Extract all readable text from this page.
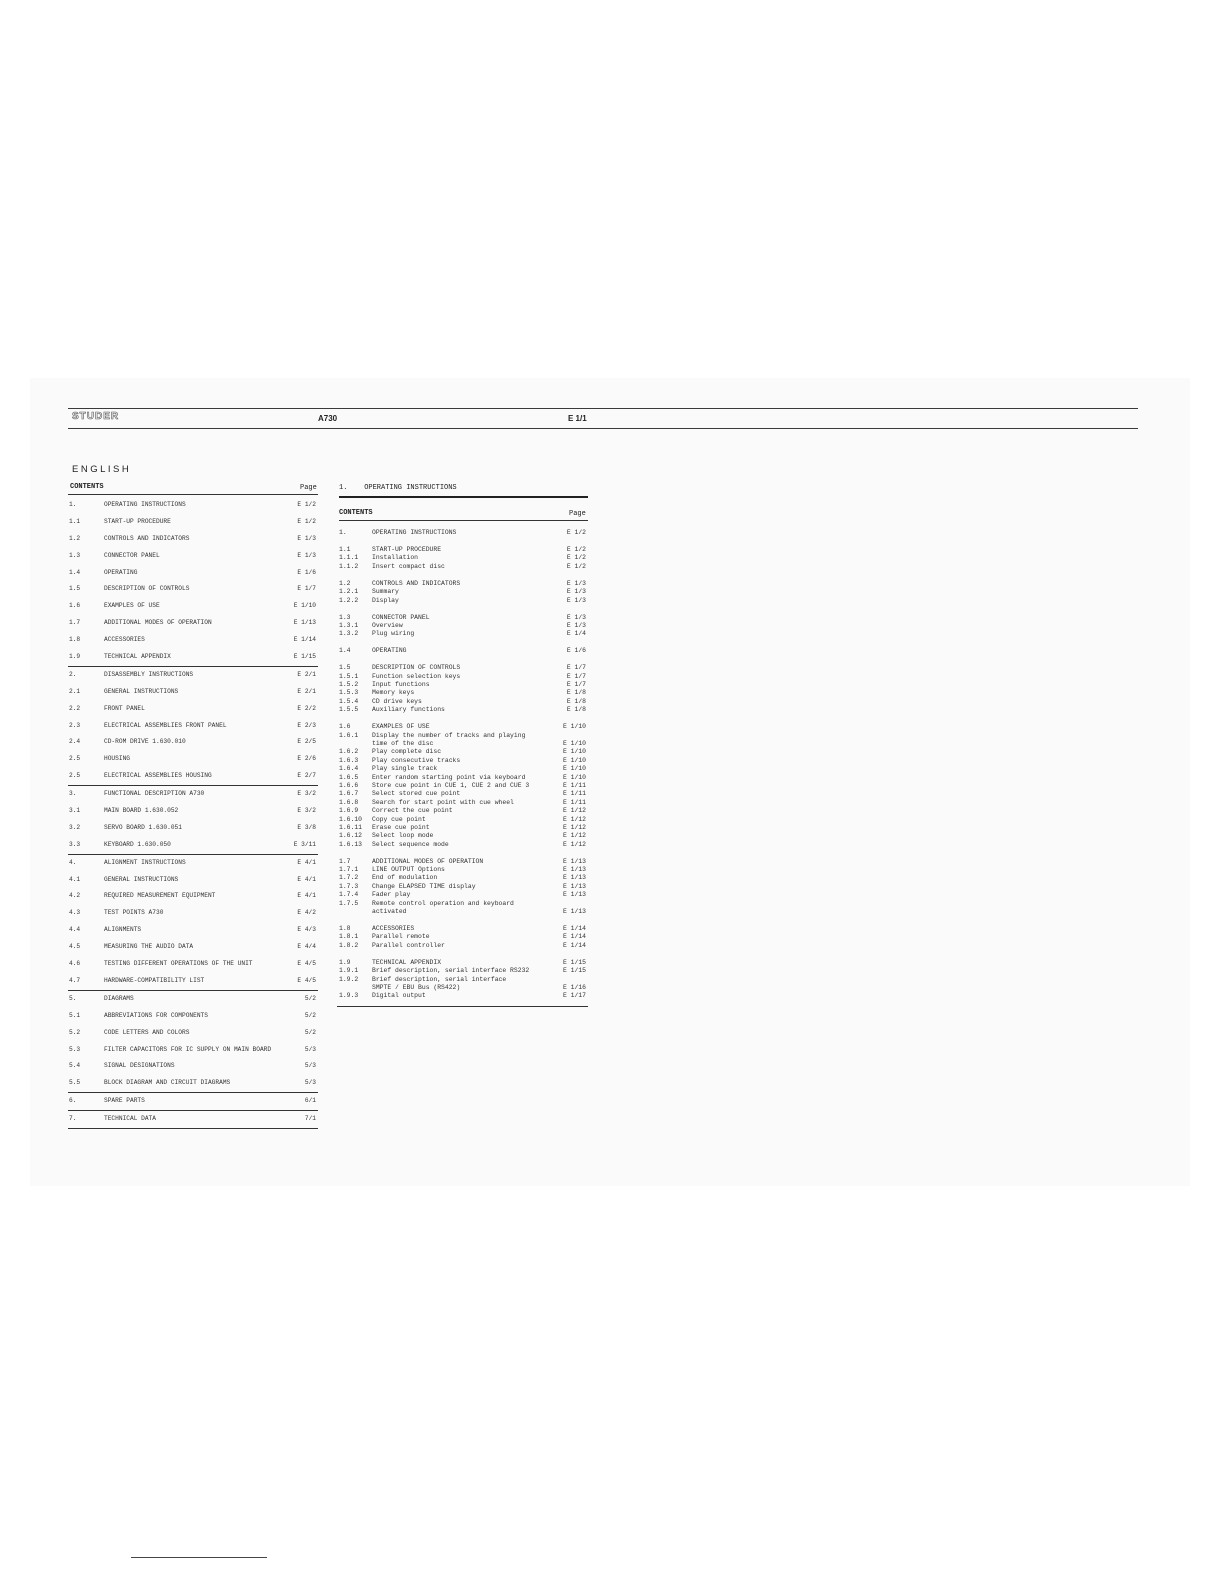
STUDER	A730	E 1/1
ENGLISH
CONTENTS	Page
1.	OPERATING INSTRUCTIONS	E 1/2
1.1	START-UP PROCEDURE	E 1/2
1.2	CONTROLS AND INDICATORS	E 1/3
1.3	CONNECTOR PANEL	E 1/3
1.4	OPERATING	E 1/6
1.5	DESCRIPTION OF CONTROLS	E 1/7
1.6	EXAMPLES OF USE	E 1/10
1.7	ADDITIONAL MODES OF OPERATION	E 1/13
1.8	ACCESSORIES	E 1/14
1.9	TECHNICAL APPENDIX	E 1/15
2.	DISASSEMBLY INSTRUCTIONS	E 2/1
2.1	GENERAL INSTRUCTIONS	E 2/1
2.2	FRONT PANEL	E 2/2
2.3	ELECTRICAL ASSEMBLIES FRONT PANEL	E 2/3
2.4	CD-ROM DRIVE 1.630.010	E 2/5
2.5	HOUSING	E 2/6
2.5	ELECTRICAL ASSEMBLIES HOUSING	E 2/7
3.	FUNCTIONAL DESCRIPTION A730	E 3/2
3.1	MAIN BOARD 1.630.052	E 3/2
3.2	SERVO BOARD 1.630.051	E 3/8
3.3	KEYBOARD 1.630.050	E 3/11
4.	ALIGNMENT INSTRUCTIONS	E 4/1
4.1	GENERAL INSTRUCTIONS	E 4/1
4.2	REQUIRED MEASUREMENT EQUIPMENT	E 4/1
4.3	TEST POINTS A730	E 4/2
4.4	ALIGNMENTS	E 4/3
4.5	MEASURING THE AUDIO DATA	E 4/4
4.6	TESTING DIFFERENT OPERATIONS OF THE UNIT	E 4/5
4.7	HARDWARE-COMPATIBILITY LIST	E 4/5
5.	DIAGRAMS	5/2
5.1	ABBREVIATIONS FOR COMPONENTS	5/2
5.2	CODE LETTERS AND COLORS	5/2
5.3	FILTER CAPACITORS FOR IC SUPPLY ON MAIN BOARD	5/3
5.4	SIGNAL DESIGNATIONS	5/3
5.5	BLOCK DIAGRAM AND CIRCUIT DIAGRAMS	5/3
6.	SPARE PARTS	6/1
7.	TECHNICAL DATA	7/1
1.    OPERATING INSTRUCTIONS
CONTENTS	Page
1.	OPERATING INSTRUCTIONS	E 1/2
1.1	START-UP PROCEDURE	E 1/2
1.1.1 Installation	E 1/2
1.1.2 Insert compact disc	E 1/2
1.2	CONTROLS AND INDICATORS	E 1/3
1.2.1 Summary	E 1/3
1.2.2 Display	E 1/3
1.3	CONNECTOR PANEL	E 1/3
1.3.1 Overview	E 1/3
1.3.2 Plug wiring	E 1/4
1.4	OPERATING	E 1/6
1.5	DESCRIPTION OF CONTROLS	E 1/7
1.5.1 Function selection keys	E 1/7
1.5.2 Input functions	E 1/7
1.5.3 Memory keys	E 1/8
1.5.4 CD drive keys	E 1/8
1.5.5 Auxiliary functions	E 1/8
1.6	EXAMPLES OF USE	E 1/10
1.6.1 Display the number of tracks and playing
time of the disc	E 1/10
1.6.2 Play complete disc	E 1/10
1.6.3 Play consecutive tracks	E 1/10
1.6.4 Play single track	E 1/10
1.6.5 Enter random starting point via keyboard	E 1/10
1.6.6 Store cue point in CUE 1, CUE 2 and CUE 3	E 1/11
1.6.7 Select stored cue point	E 1/11
1.6.8 Search for start point with cue wheel	E 1/11
1.6.9 Correct the cue point	E 1/12
1.6.10 Copy cue point	E 1/12
1.6.11 Erase cue point	E 1/12
1.6.12 Select loop mode	E 1/12
1.6.13 Select sequence mode	E 1/12
1.7	ADDITIONAL MODES OF OPERATION	E 1/13
1.7.1 LINE OUTPUT Options	E 1/13
1.7.2 End of modulation	E 1/13
1.7.3 Change ELAPSED TIME display	E 1/13
1.7.4 Fader play	E 1/13
1.7.5 Remote control operation and keyboard
activated	E 1/13
1.8	ACCESSORIES	E 1/14
1.8.1 Parallel remote	E 1/14
1.8.2 Parallel controller	E 1/14
1.9	TECHNICAL APPENDIX	E 1/15
1.9.1 Brief description, serial interface RS232	E 1/15
1.9.2 Brief description, serial interface
SMPTE / EBU Bus (RS422)	E 1/16
1.9.3 Digital output	E 1/17
